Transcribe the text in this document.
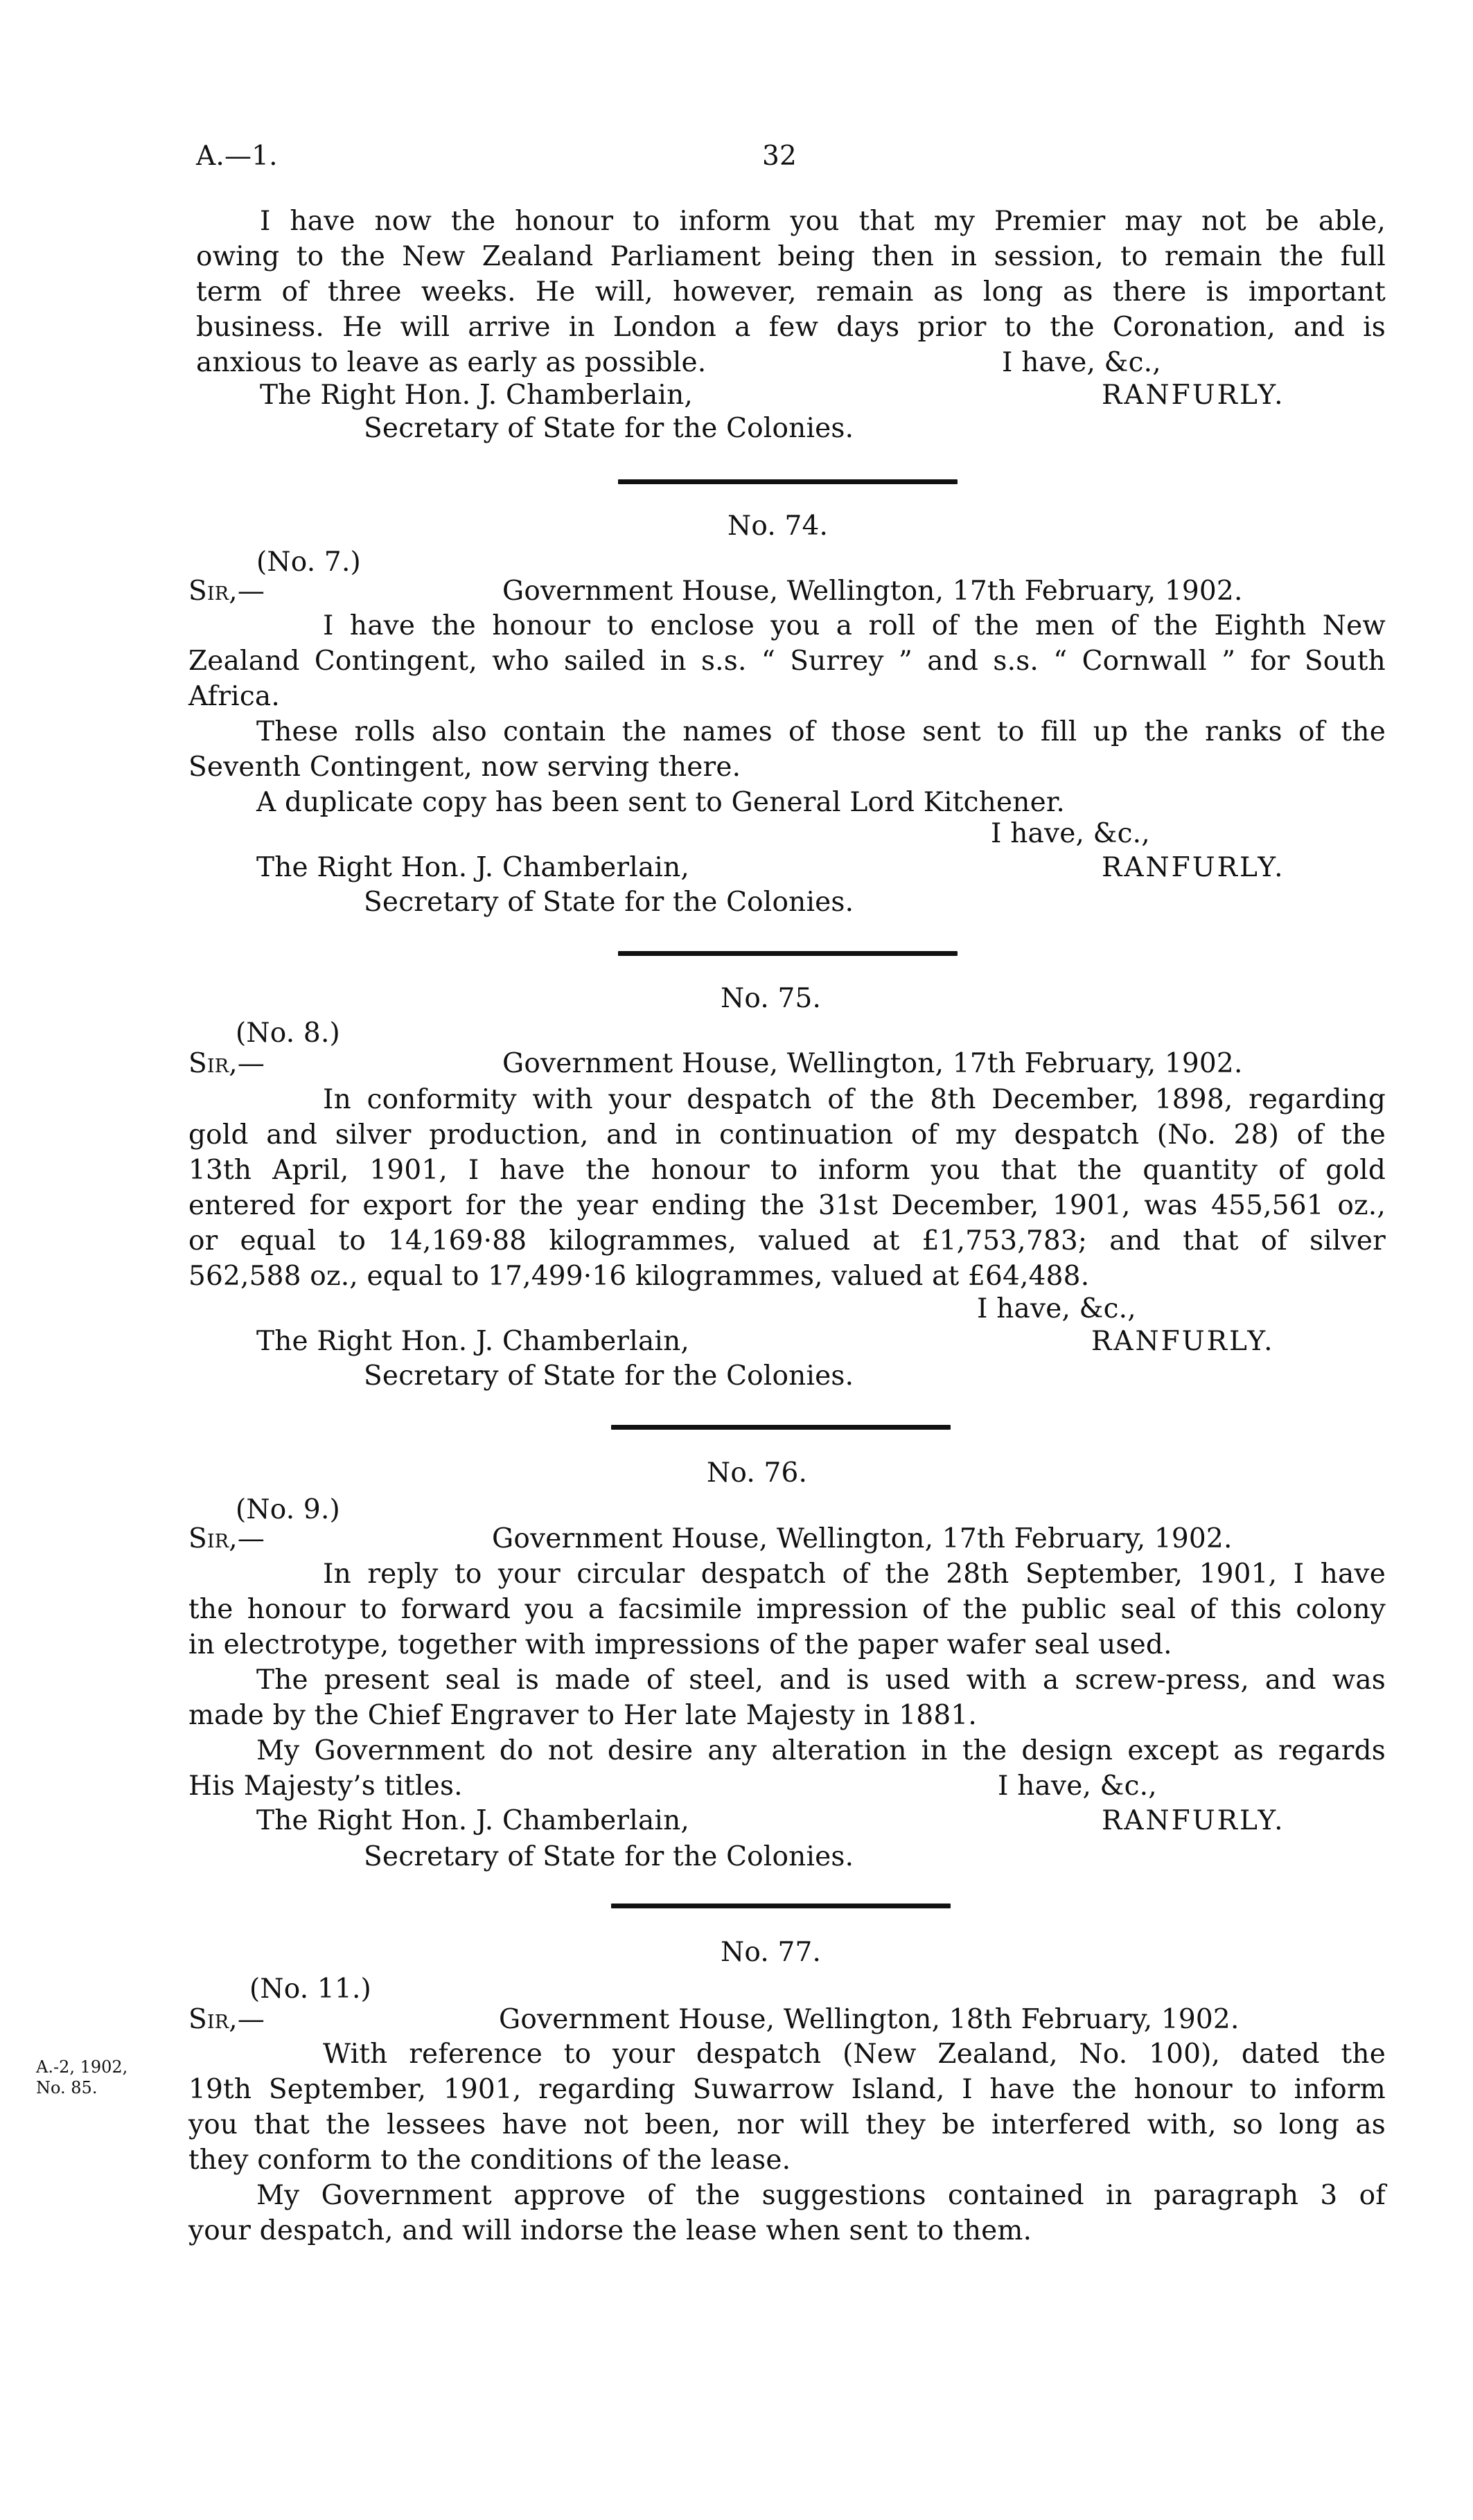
A.—1.	32
I have now the honour to inform you that my Premier may not be able,
owing to the New Zealand Parliament being then in session, to remain the full
term of three weeks. He will, however, remain as long as there is important
business. He will arrive in London a few days prior to the Coronation, and is
anxious to leave as early as possible.	I have, &c.,
The Right Hon. J. Chamberlain,	RANFURLY.
Secretary of State for the Colonies.
No. 74.
(No. 7.)
Sir,—	Government House, Wellington, 17th February, 1902.
I have the honour to enclose you a roll of the men of the Eighth New
Zealand Contingent, who sailed in s.s. “ Surrey ” and s.s. “ Cornwall ” for South
Africa.
These rolls also contain the names of those sent to fill up the ranks of the
Seventh Contingent, now serving there.
A duplicate copy has been sent to General Lord Kitchener.
I have, &c.,
The Right Hon. J. Chamberlain,	RANFURLY.
Secretary of State for the Colonies.
No. 75.
(No. 8.)
Sir,—	Government House, Wellington, 17th February, 1902.
In conformity with your despatch of the 8th December, 1898, regarding
gold and silver production, and in continuation of my despatch (No. 28) of the
13th April, 1901, I have the honour to inform you that the quantity of gold
entered for export for the year ending the 31st December, 1901, was 455,561 oz.,
or equal to 14,169·88 kilogrammes, valued at £1,753,783; and that of silver
562,588 oz., equal to 17,499·16 kilogrammes, valued at £64,488.
I have, &c.,
The Right Hon. J. Chamberlain,	RANFURLY.
Secretary of State for the Colonies.
No. 76.
(No. 9.)
Sir,—	Government House, Wellington, 17th February, 1902.
In reply to your circular despatch of the 28th September, 1901, I have
the honour to forward you a facsimile impression of the public seal of this colony
in electrotype, together with impressions of the paper wafer seal used.
The present seal is made of steel, and is used with a screw-press, and was
made by the Chief Engraver to Her late Majesty in 1881.
My Government do not desire any alteration in the design except as regards
His Majesty’s titles.	I have, &c.,
The Right Hon. J. Chamberlain,	RANFURLY.
Secretary of State for the Colonies.
No. 77.
(No. 11.)
Sir,—	Government House, Wellington, 18th February, 1902.
A.-2, 1902,
No. 85.
With reference to your despatch (New Zealand, No. 100), dated the
19th September, 1901, regarding Suwarrow Island, I have the honour to inform
you that the lessees have not been, nor will they be interfered with, so long as
they conform to the conditions of the lease.
My Government approve of the suggestions contained in paragraph 3 of
your despatch, and will indorse the lease when sent to them.
